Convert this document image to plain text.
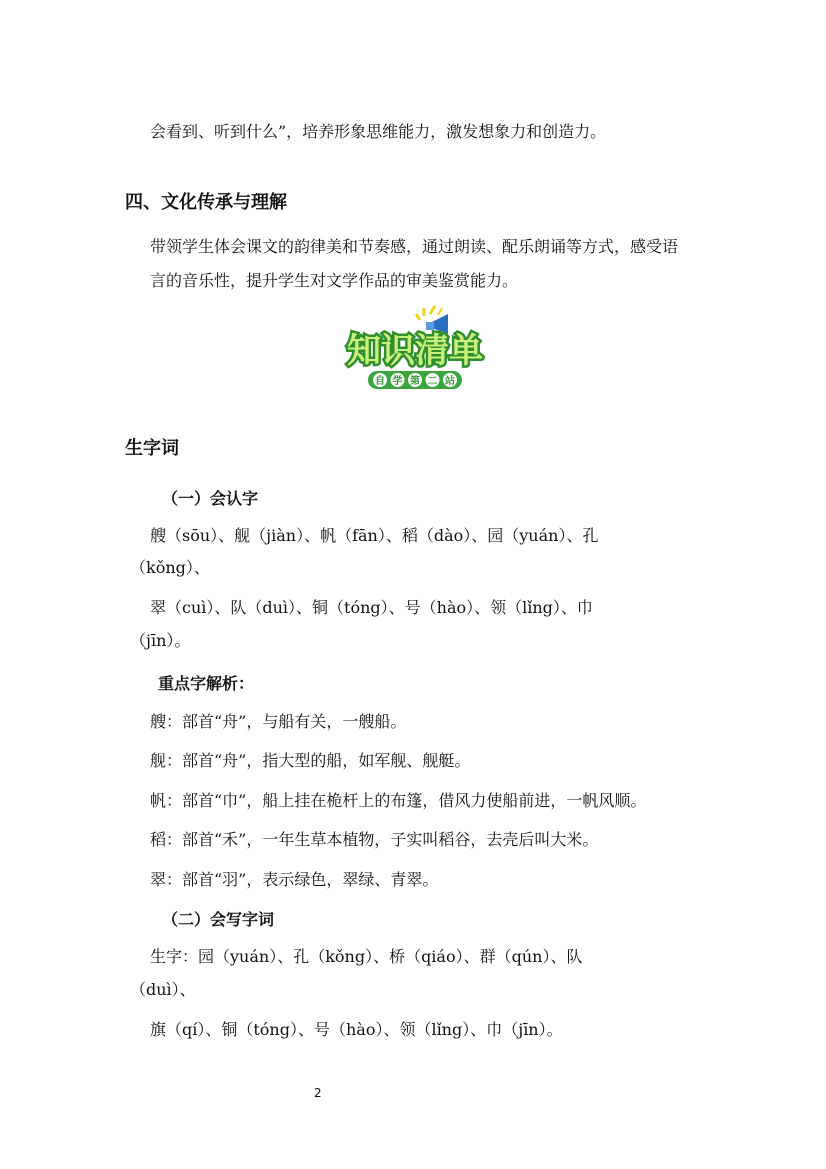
会看到、听到什么”，培养形象思维能力，激发想象力和创造力。
四、文化传承与理解
带领学生体会课文的韵律美和节奏感，通过朗读、配乐朗诵等方式，感受语
言的音乐性，提升学生对文学作品的审美鉴赏能力。
知识清单
自 学 第 二 站
生字词
（一）会认字
艘（sōu）、舰（jiàn）、帆（fān）、稻（dào）、园（yuán）、孔
（kǒng）、
翠（cuì）、队（duì）、铜（tóng）、号（hào）、领（lǐng）、巾
（jīn）。
重点字解析：
艘：部首“舟”，与船有关，一艘船。
舰：部首“舟”，指大型的船，如军舰、舰艇。
帆：部首“巾”，船上挂在桅杆上的布篷，借风力使船前进，一帆风顺。
稻：部首“禾”，一年生草本植物，子实叫稻谷，去壳后叫大米。
翠：部首“羽”，表示绿色，翠绿、青翠。
（二）会写字词
生字：园（yuán）、孔（kǒng）、桥（qiáo）、群（qún）、队
（duì）、
旗（qí）、铜（tóng）、号（hào）、领（lǐng）、巾（jīn）。
2
